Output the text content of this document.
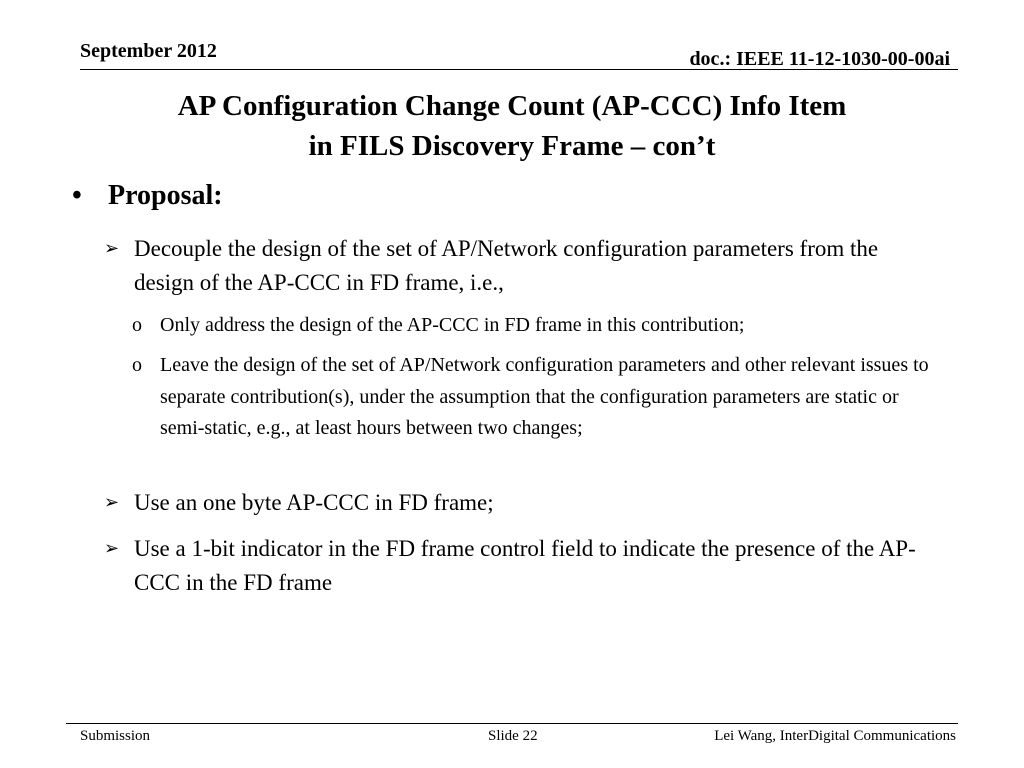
September 2012	doc.: IEEE 11-12-1030-00-00ai
AP Configuration Change Count (AP-CCC) Info Item
in FILS Discovery Frame – con’t
• Proposal:
➢ Decouple the design of the set of AP/Network configuration parameters from the design of the AP-CCC in FD frame, i.e.,
o Only address the design of the AP-CCC in FD frame in this contribution;
o Leave the design of the set of AP/Network configuration parameters and other relevant issues to separate contribution(s), under the assumption that the configuration parameters are static or semi-static, e.g., at least hours between two changes;
➢ Use an one byte AP-CCC in FD frame;
➢ Use a 1-bit indicator in the FD frame control field to indicate the presence of the AP-CCC in the FD frame
Submission	Slide 22	Lei Wang, InterDigital Communications
